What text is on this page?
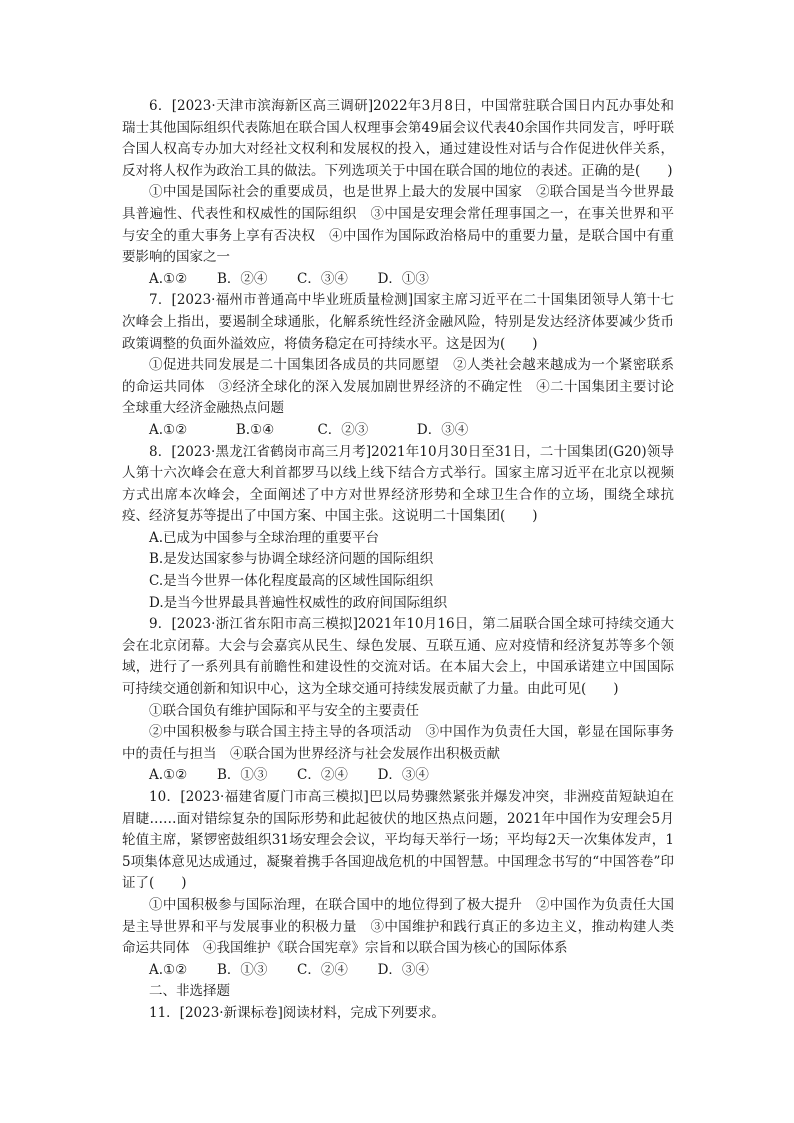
6．[2023·天津市滨海新区高三调研]2022年3月8日，中国常驻联合国日内瓦办事处和瑞士其他国际组织代表陈旭在联合国人权理事会第49届会议代表40余国作共同发言，呼吁联合国人权高专办加大对经社文权利和发展权的投入，通过建设性对话与合作促进伙伴关系，反对将人权作为政治工具的做法。下列选项关于中国在联合国的地位的表述。正确的是(　　)

①中国是国际社会的重要成员，也是世界上最大的发展中国家　②联合国是当今世界最具普遍性、代表性和权威性的国际组织　③中国是安理会常任理事国之一，在事关世界和平与安全的重大事务上享有否决权　④中国作为国际政治格局中的重要力量，是联合国中有重要影响的国家之一

A.①② B．②④ C．③④ D．①③

7．[2023·福州市普通高中毕业班质量检测]国家主席习近平在二十国集团领导人第十七次峰会上指出，要遏制全球通胀，化解系统性经济金融风险，特别是发达经济体要减少货币政策调整的负面外溢效应，将债务稳定在可持续水平。这是因为(　　)

①促进共同发展是二十国集团各成员的共同愿望　②人类社会越来越成为一个紧密联系的命运共同体　③经济全球化的深入发展加剧世界经济的不确定性　④二十国集团主要讨论全球重大经济金融热点问题

A.①②	B.①④	C．②③	D．③④

8．[2023·黑龙江省鹤岗市高三月考]2021年10月30日至31日，二十国集团(G20)领导人第十六次峰会在意大利首都罗马以线上线下结合方式举行。国家主席习近平在北京以视频方式出席本次峰会，全面阐述了中方对世界经济形势和全球卫生合作的立场，围绕全球抗疫、经济复苏等提出了中国方案、中国主张。这说明二十国集团(　　)

A.已成为中国参与全球治理的重要平台

B.是发达国家参与协调全球经济问题的国际组织

C.是当今世界一体化程度最高的区域性国际组织

D.是当今世界最具普遍性权威性的政府间国际组织

9．[2023·浙江省东阳市高三模拟]2021年10月16日，第二届联合国全球可持续交通大会在北京闭幕。大会与会嘉宾从民生、绿色发展、互联互通、应对疫情和经济复苏等多个领域，进行了一系列具有前瞻性和建设性的交流对话。在本届大会上，中国承诺建立中国国际可持续交通创新和知识中心，这为全球交通可持续发展贡献了力量。由此可见(　　)

①联合国负有维护国际和平与安全的主要责任

②中国积极参与联合国主持主导的各项活动　③中国作为负责任大国，彰显在国际事务中的责任与担当　④联合国为世界经济与社会发展作出积极贡献

A.①② B．①③ C．②④ D．③④

10．[2023·福建省厦门市高三模拟]巴以局势骤然紧张并爆发冲突，非洲疫苗短缺迫在眉睫……面对错综复杂的国际形势和此起彼伏的地区热点问题，2021年中国作为安理会5月轮值主席，紧锣密鼓组织31场安理会会议，平均每天举行一场；平均每2天一次集体发声，15项集体意见达成通过，凝聚着携手各国迎战危机的中国智慧。中国理念书写的“中国答卷”印证了(　　)

①中国积极参与国际治理，在联合国中的地位得到了极大提升　②中国作为负责任大国是主导世界和平与发展事业的积极力量　③中国维护和践行真正的多边主义，推动构建人类命运共同体　④我国维护《联合国宪章》宗旨和以联合国为核心的国际体系

A.①② B．①③ C．②④ D．③④

二、非选择题

11．[2023·新课标卷]阅读材料，完成下列要求。
